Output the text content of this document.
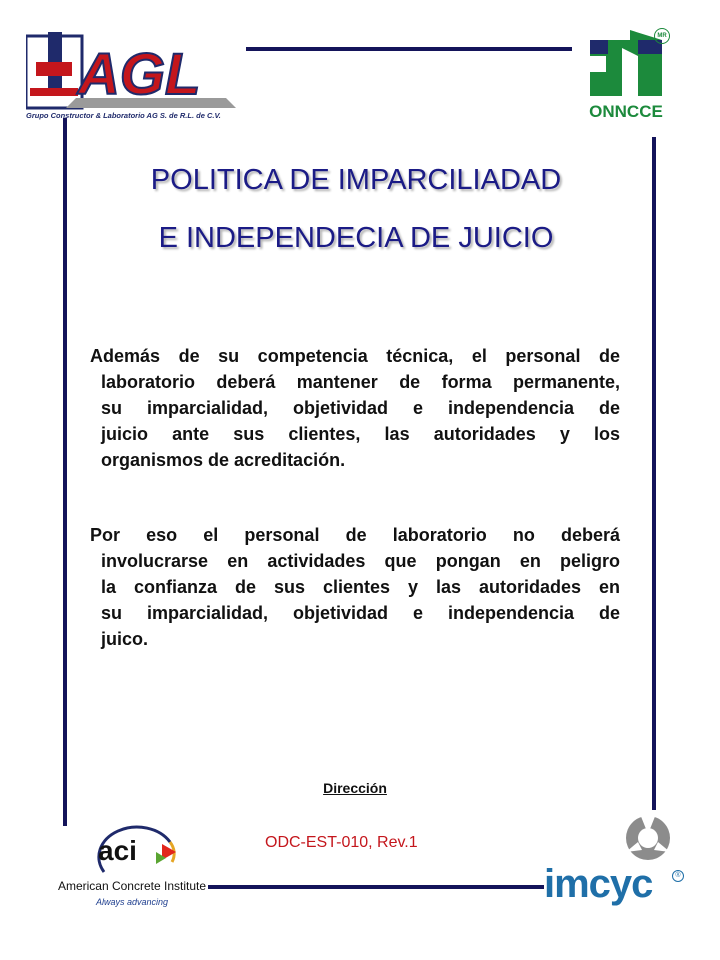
AGL
Grupo Constructor & Laboratorio AG S. de R.L. de C.V.
MR
ONNCCE
POLITICA DE IMPARCILIADAD
E INDEPENDECIA DE JUICIO
Además de su competencia técnica, el personal de
laboratorio deberá mantener de forma permanente,
su imparcialidad, objetividad e independencia de
juicio ante sus clientes, las autoridades y los
organismos de acreditación.
Por eso el personal de laboratorio no deberá
involucrarse en actividades que pongan en peligro
la confianza de sus clientes y las autoridades en
su imparcialidad, objetividad e independencia de
juico.
Dirección
ODC-EST-010, Rev.1
aci
American Concrete Institute
Always advancing	imcyc	®
